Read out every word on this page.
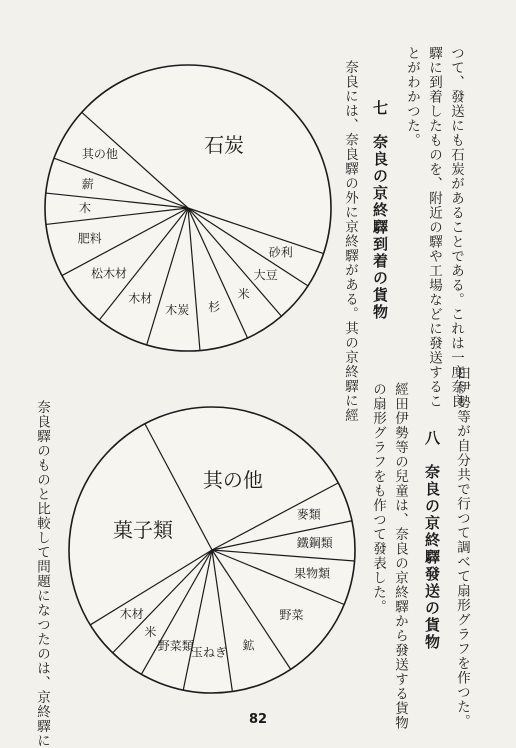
つて、發送にも石炭があることである。これは一度奈良
驛に到着したものを、附近の驛や工場などに發送するこ
とがわかつた。
七　奈良の京終驛到着の貨物
奈良には、奈良驛の外に京終驛がある。其の京終驛に經
田伊勢等が自分共で行つて調べて扇形グラフを作つた。
八　奈良の京終驛發送の貨物
經田伊勢等の兒童は、奈良の京終驛から發送する貨物
の扇形グラフをも作つて發表した。
奈良驛のものと比較して問題になつたのは、京終驛に
石炭
砂利
大豆
米
杉
木炭
木材
松木材
肥料
木
薪
其の他
其の他
麥類
鐵鋼類
果物類
野菜
鉱
玉ねぎ
野菜類
米
木材
菓子類
82
